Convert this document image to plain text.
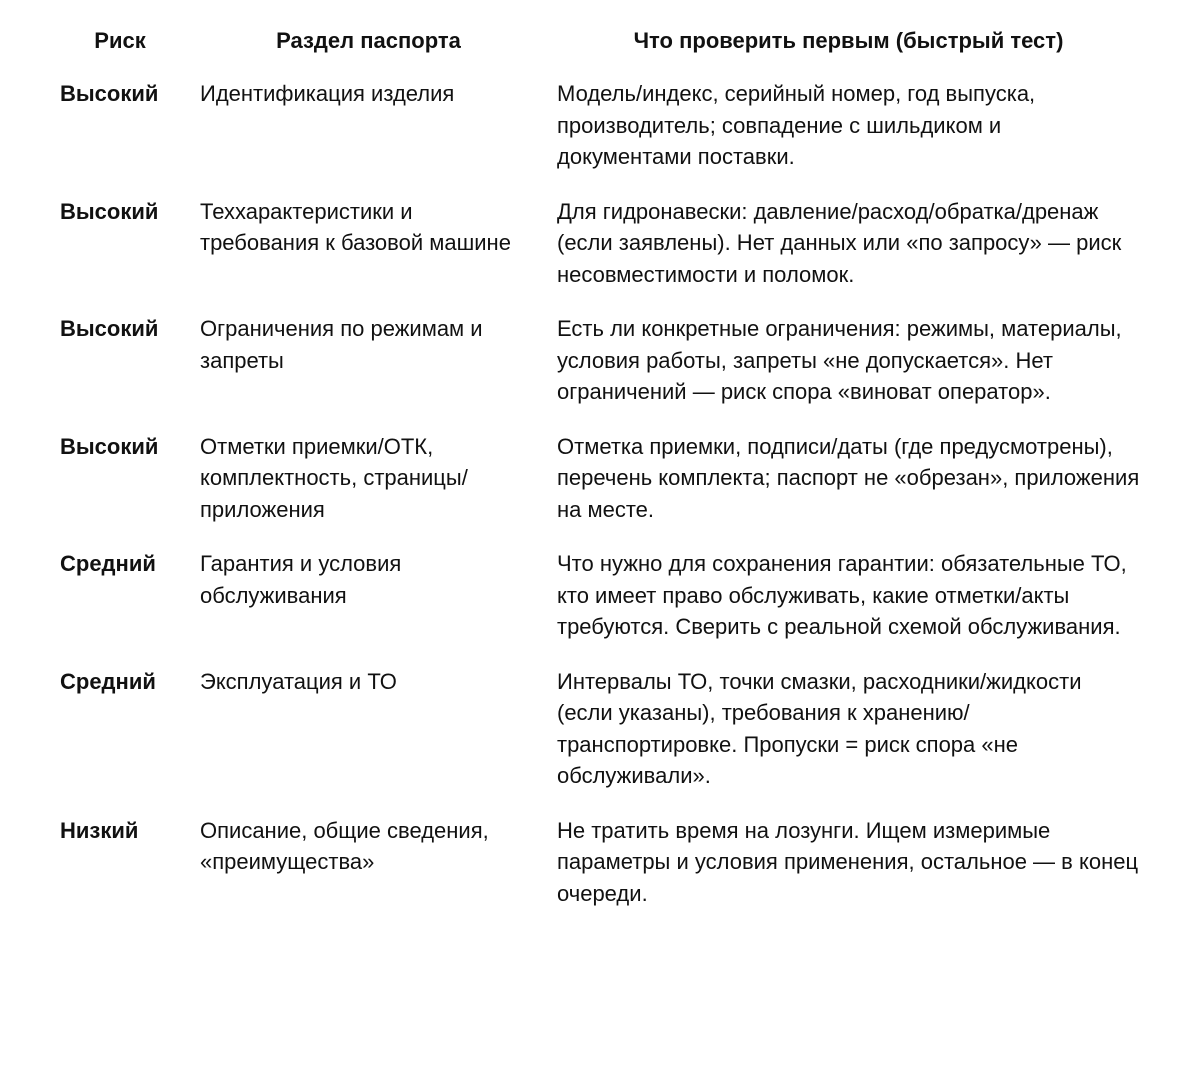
Риск	Раздел паспорта	Что проверить первым (быстрый тест)
Высокий	Идентификация изделия	Модель/индекс, серийный номер, год выпуска, производитель; совпадение с шильдиком и документами поставки.
Высокий	Теххарактеристики и требования к базовой машине	Для гидронавески: давление/расход/обратка/дренаж (если заявлены). Нет данных или «по запросу» — риск несовместимости и поломок.
Высокий	Ограничения по режимам и запреты	Есть ли конкретные ограничения: режимы, материалы, условия работы, запреты «не допускается». Нет ограничений — риск спора «виноват оператор».
Высокий	Отметки приемки/ОТК, комплектность, страницы/приложения	Отметка приемки, подписи/даты (где предусмотрены), перечень комплекта; паспорт не «обрезан», приложения на месте.
Средний	Гарантия и условия обслуживания	Что нужно для сохранения гарантии: обязательные ТО, кто имеет право обслуживать, какие отметки/акты требуются. Сверить с реальной схемой обслуживания.
Средний	Эксплуатация и ТО	Интервалы ТО, точки смазки, расходники/жидкости (если указаны), требования к хранению/транспортировке. Пропуски = риск спора «не обслуживали».
Низкий	Описание, общие сведения, «преимущества»	Не тратить время на лозунги. Ищем измеримые параметры и условия применения, остальное — в конец очереди.
